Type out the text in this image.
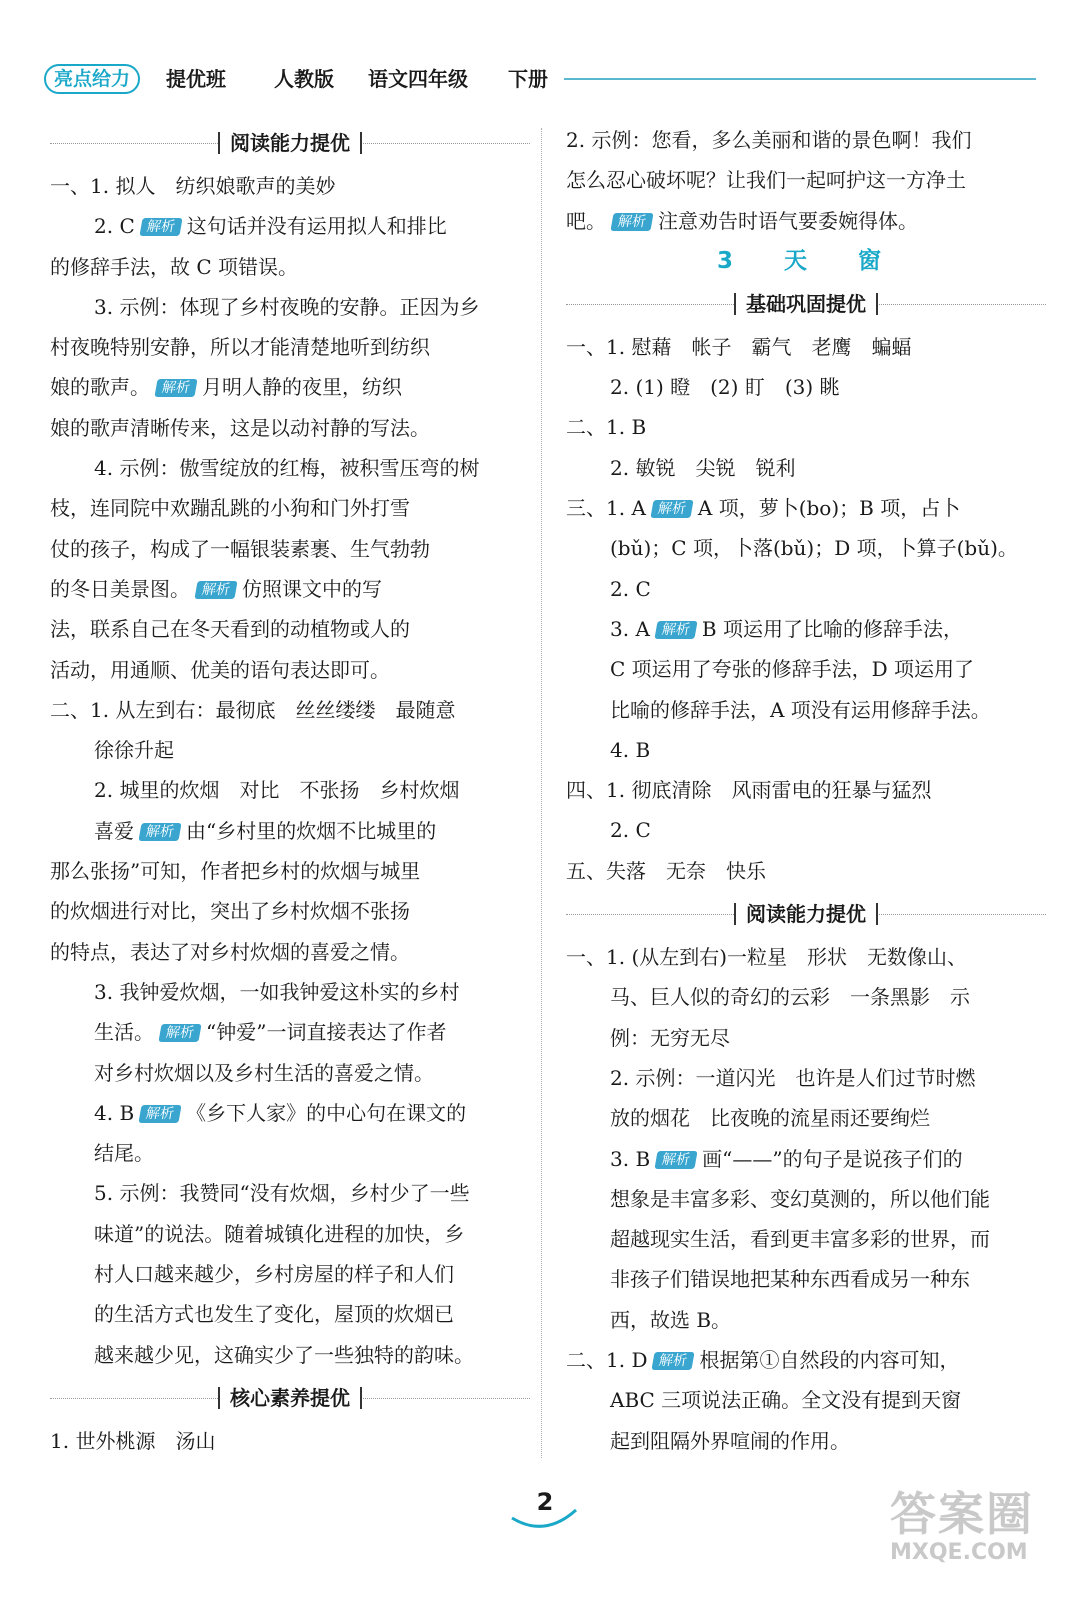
亮点给力	提优班 人教版 语文四年级 下册
阅读能力提优
一、1. 拟人　纺织娘歌声的美妙
2. C 解析 这句话并没有运用拟人和排比
的修辞手法，故 C 项错误。
3. 示例：体现了乡村夜晚的安静。正因为乡
村夜晚特别安静，所以才能清楚地听到纺织
娘的歌声。 解析 月明人静的夜里，纺织
娘的歌声清晰传来，这是以动衬静的写法。
4. 示例：傲雪绽放的红梅，被积雪压弯的树
枝，连同院中欢蹦乱跳的小狗和门外打雪
仗的孩子，构成了一幅银装素裹、生气勃勃
的冬日美景图。 解析 仿照课文中的写
法，联系自己在冬天看到的动植物或人的
活动，用通顺、优美的语句表达即可。
二、1. 从左到右：最彻底　丝丝缕缕　最随意
徐徐升起
2. 城里的炊烟　对比　不张扬　乡村炊烟
喜爱 解析 由“乡村里的炊烟不比城里的
那么张扬”可知，作者把乡村的炊烟与城里
的炊烟进行对比，突出了乡村炊烟不张扬
的特点，表达了对乡村炊烟的喜爱之情。
3. 我钟爱炊烟，一如我钟爱这朴实的乡村
生活。 解析 “钟爱”一词直接表达了作者
对乡村炊烟以及乡村生活的喜爱之情。
4. B 解析 《乡下人家》的中心句在课文的
结尾。
5. 示例：我赞同“没有炊烟，乡村少了一些
味道”的说法。随着城镇化进程的加快，乡
村人口越来越少，乡村房屋的样子和人们
的生活方式也发生了变化，屋顶的炊烟已
越来越少见，这确实少了一些独特的韵味。
核心素养提优
1. 世外桃源　汤山
2. 示例：您看，多么美丽和谐的景色啊！我们
怎么忍心破坏呢？让我们一起呵护这一方净土
吧。 解析 注意劝告时语气要委婉得体。
3　天　窗
基础巩固提优
一、1. 慰藉　帐子　霸气　老鹰　蝙蝠
2. (1) 瞪　(2) 盯　(3) 眺
二、1. B
2. 敏锐　尖锐　锐利
三、1. A 解析 A 项，萝卜(bo)；B 项，占卜
(bǔ)；C 项，卜落(bǔ)；D 项，卜算子(bǔ)。
2. C
3. A 解析 B 项运用了比喻的修辞手法，
C 项运用了夸张的修辞手法，D 项运用了
比喻的修辞手法，A 项没有运用修辞手法。
4. B
四、1. 彻底清除　风雨雷电的狂暴与猛烈
2. C
五、失落　无奈　快乐
阅读能力提优
一、1. (从左到右)一粒星　形状　无数像山、
马、巨人似的奇幻的云彩　一条黑影　示
例：无穷无尽
2. 示例：一道闪光　也许是人们过节时燃
放的烟花　比夜晚的流星雨还要绚烂
3. B 解析 画“——”的句子是说孩子们的
想象是丰富多彩、变幻莫测的，所以他们能
超越现实生活，看到更丰富多彩的世界，而
非孩子们错误地把某种东西看成另一种东
西，故选 B。
二、1. D 解析 根据第①自然段的内容可知，
ABC 三项说法正确。全文没有提到天窗
起到阻隔外界喧闹的作用。
2	答案圈
MXQE.COM
